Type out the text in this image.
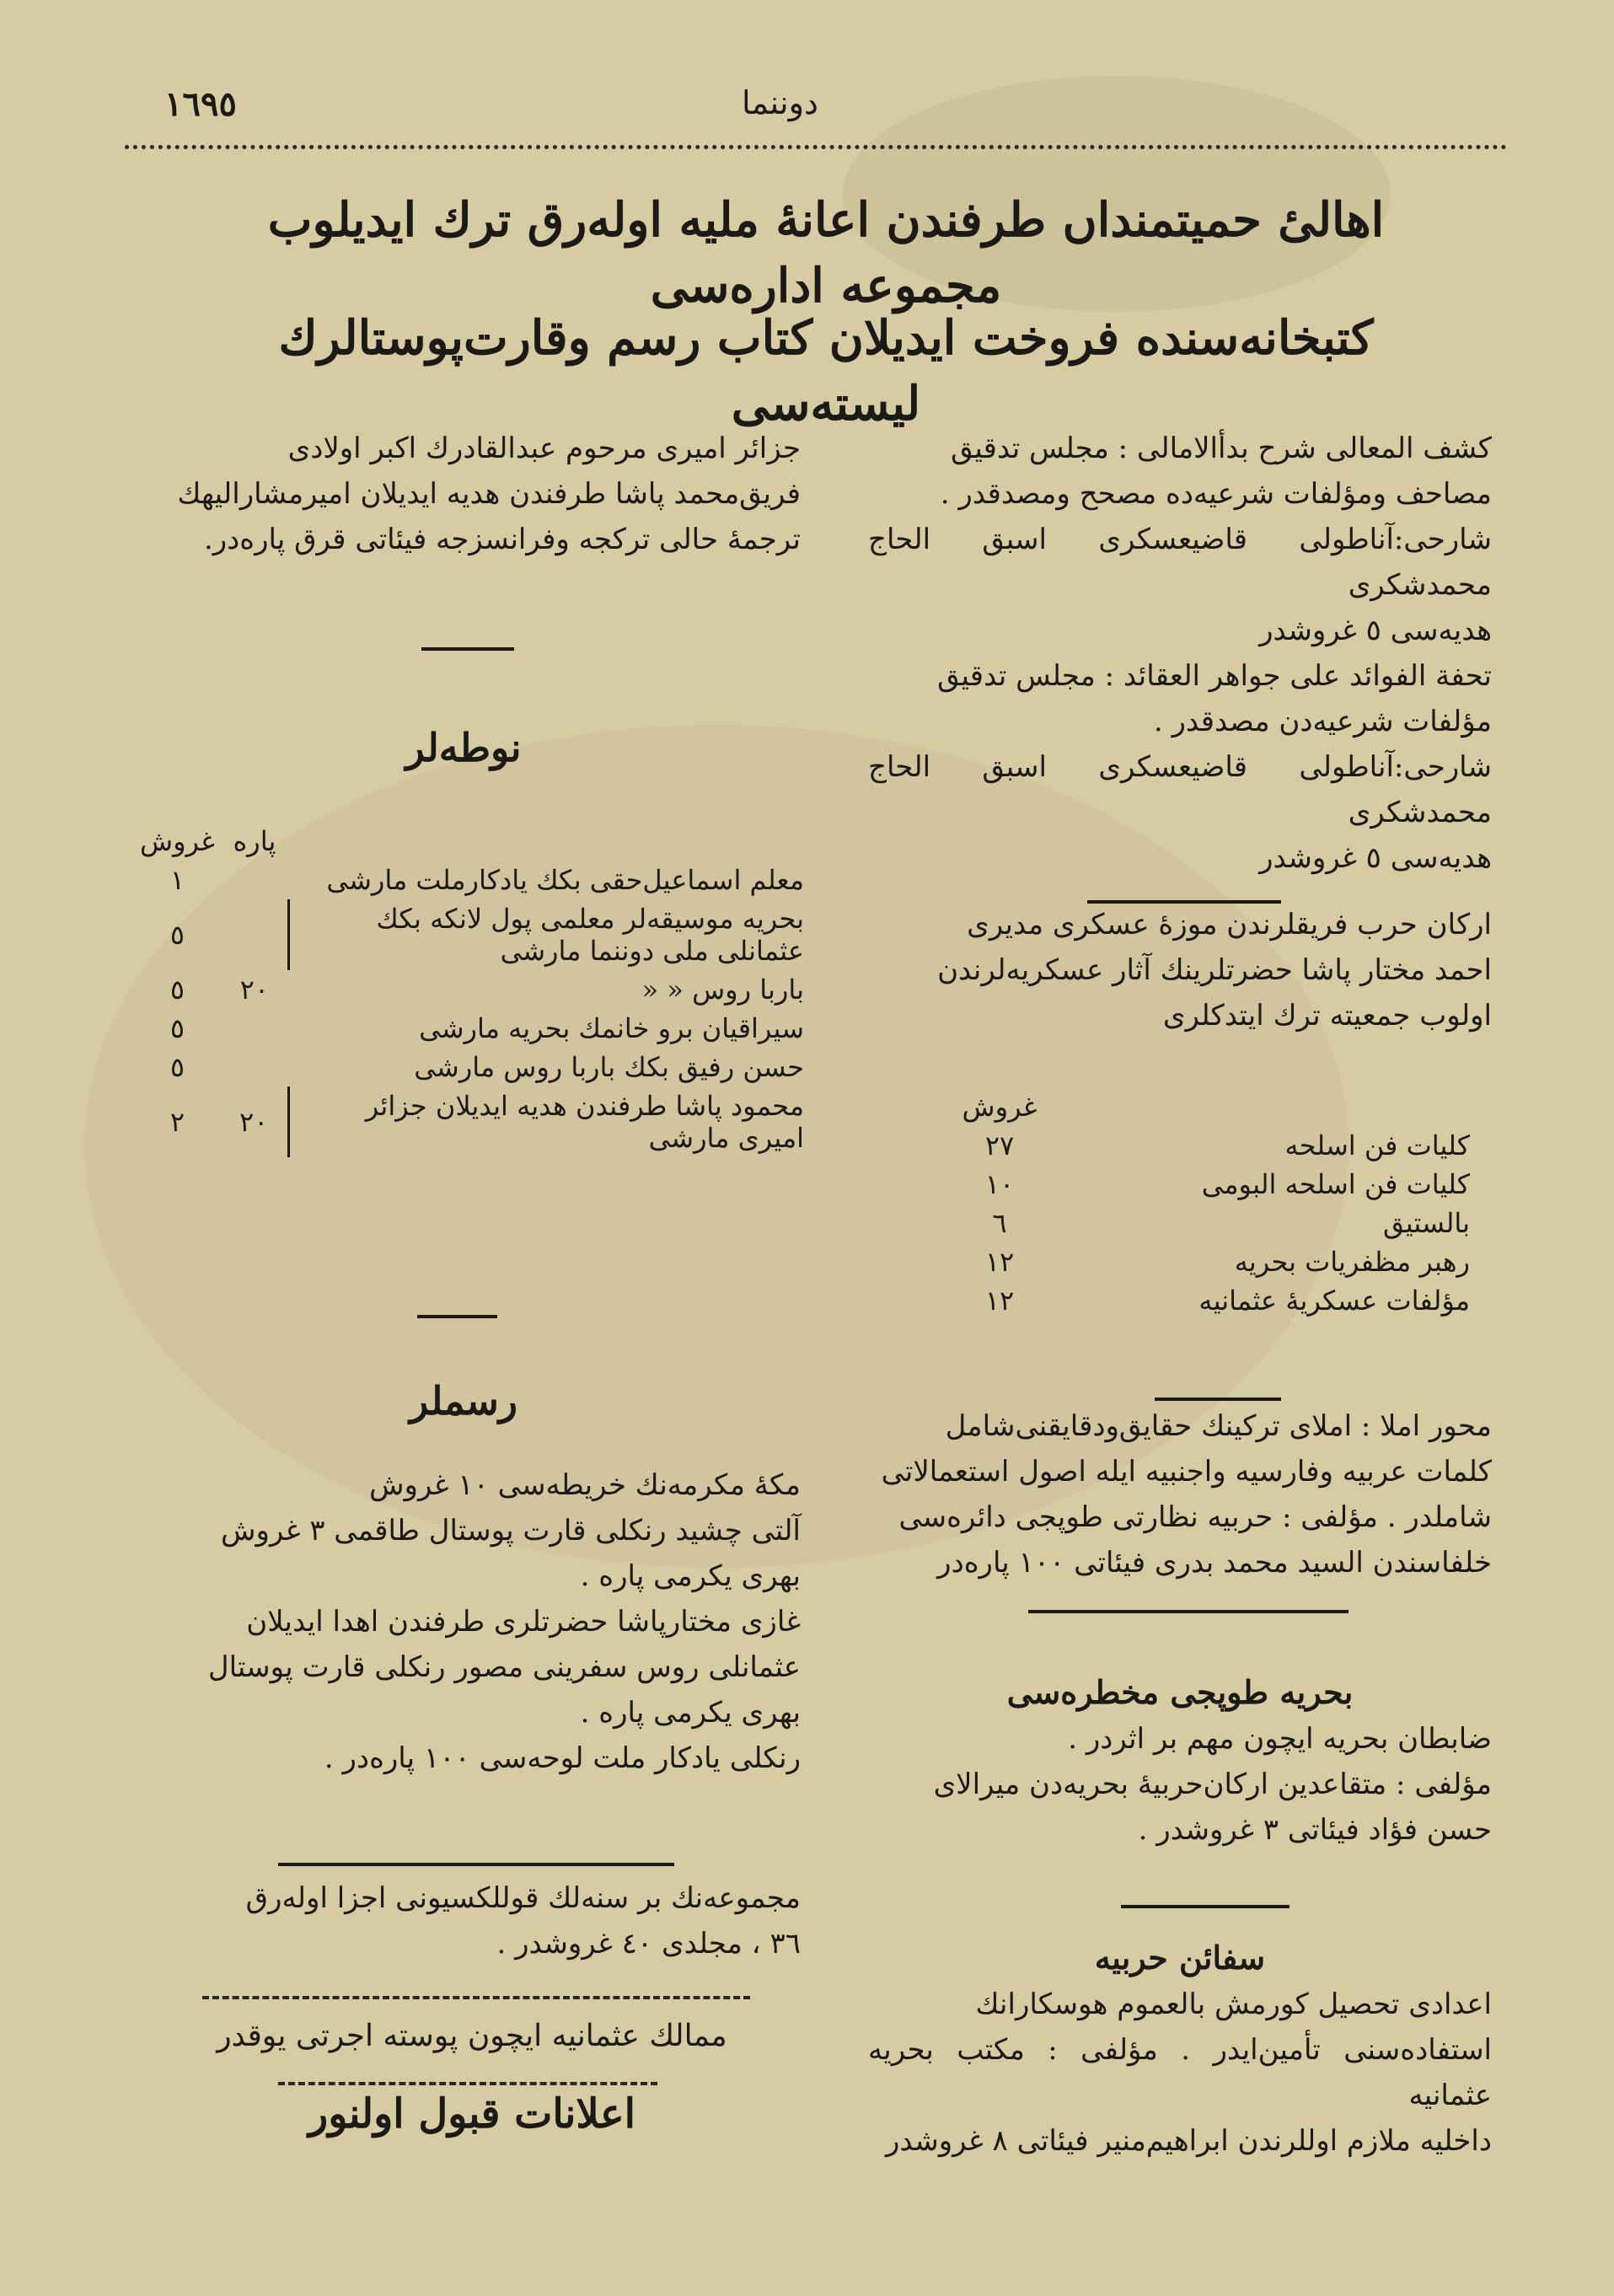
١٦٩٥	دوننما
اهالیٔ حمیتمنداں طرفندن اعانۀ ملیه اوله‌رق ترك ایدیلوب مجموعه اداره‌سی
کتبخانه‌سنده فروخت ایدیلان کتاب رسم وقارت‌پوستالرك لیسته‌سی

کشف المعالی شرح بدأالامالی : مجلس تدقیق

مصاحف ومؤلفات شرعیه‌ده مصحح ومصدقدر .

شارحی:آناطولی قاضیعسکری اسبق الحاج محمدشکری

هدیه‌سی ٥ غروشدر

تحفة الفوائد علی جواهر العقائد : مجلس تدقیق

مؤلفات شرعیه‌دن مصدقدر .

شارحی:آناطولی قاضیعسکری اسبق الحاج محمدشکری

هدیه‌سی ٥ غروشدر

ارکان حرب فریقلرندن موزۀ عسکری مدیری

احمد مختار پاشا حضرتلرینك آثار عسکریه‌لرندن

اولوب جمعیته ترك ایتدکلری

	غروش
کلیات فن اسلحه	٢٧
کلیات فن اسلحه البومی	١٠
بالستیق	٦
رهبر مظفریات بحریه	١٢
مؤلفات عسکریۀ عثمانیه	١٢

محور املا : املای ترکینك حقایق‌ودقایقنی‌شامل

کلمات عربیه وفارسیه واجنبیه ایله اصول استعمالاتی

شاملدر . مؤلفی : حربیه نظارتی طوپجی دائره‌سی

خلفاسندن السید محمد بدری فیئاتی ١٠٠ پاره‌در

بحریه طوپجی مخطره‌سی

ضابطان بحریه ایچون مهم بر اثردر .

مؤلفی : متقاعدین ارکان‌حربیۀ بحریه‌دن میرالای

حسن فؤاد فیئاتی ٣ غروشدر .

سفائن حربیه

اعدادی تحصیل کورمش بالعموم هوسکارانك

استفاده‌سنی تأمین‌ایدر . مؤلفی : مکتب بحریه عثمانیه

داخلیه ملازم اوللرندن ابراهیم‌منیر فیئاتی ٨ غروشدر

جزائر امیری مرحوم عبدالقادرك اکبر اولادی

فریق‌محمد پاشا طرفندن هدیه ایدیلان امیرمشارالیهك

ترجمۀ حالی ترکجه وفرانسزجه فیئاتی قرق پاره‌در.

نوطه‌لر
		پاره	غروش
معلم اسماعیل‌حقی بکك یادکارملت مارشی			١

بحریه موسیقه‌لر معلمی پول لانکه بکك
عثمانلی ملی دوننما مارشی			٥
باربا روس « «		٢٠	٥
سیراقیان برو خانمك بحریه مارشی			٥
حسن رفیق بکك باربا روس مارشی			٥

محمود پاشا طرفندن هدیه ایدیلان جزائر
امیری مارشی		٢٠	٢
رسملر

مکۀ مکرمه‌نك خریطه‌سی ١٠ غروش

آلتی چشید رنکلی قارت پوستال طاقمی ٣ غروش

بهری یکرمی پاره .

غازی مختارپاشا حضرتلری طرفندن اهدا ایدیلان

عثمانلی روس سفرینی مصور رنکلی قارت پوستال

بهری یکرمی پاره .

رنکلی یادکار ملت لوحه‌سی ١٠٠ پاره‌در .

مجموعه‌نك بر سنه‌لك قوللکسیونی اجزا اوله‌رق

٣٦ ، مجلدی ٤٠ غروشدر .

ممالك عثمانیه ایچون پوسته اجرتی یوقدر
اعلانات قبول اولنور
